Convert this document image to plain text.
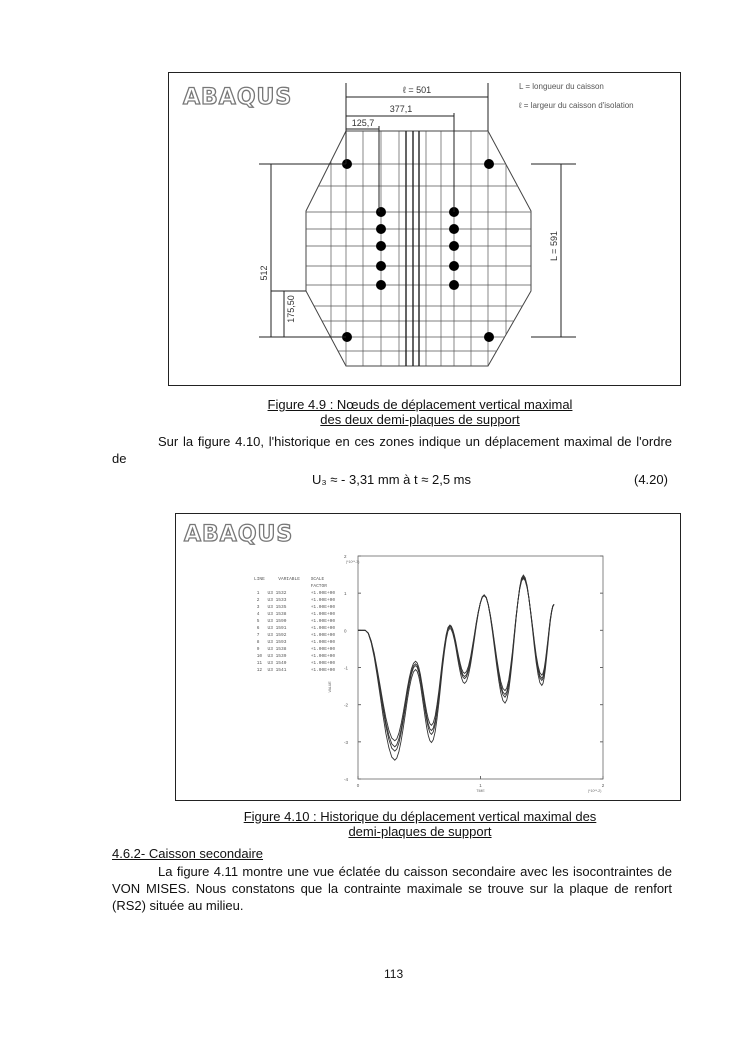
ABAQUS	ℓ = 501
377,1
125,7
512
175,50
L = 591
L = longueur du caisson
ℓ = largeur du caisson d'isolation
Figure 4.9 : Nœuds de déplacement vertical maximal
des deux demi-plaques de support
Sur la figure 4.10, l'historique en ces zones indique un déplacement maximal de l'ordre de
U₃ ≈ - 3,31 mm à t ≈ 2,5 ms	(4.20)
ABAQUS
LINE     VARIABLE    SCALE
FACTOR
1   U3 1532         +1.00E+00
2   U3 1533         +1.00E+00
3   U3 1535         +1.00E+00
4   U3 1538         +1.00E+00
5   U3 1590         +1.00E+00
6   U3 1591         +1.00E+00
7   U3 1592         +1.00E+00
8   U3 1593         +1.00E+00
9   U3 1538         +1.00E+00
10  U3 1539         +1.00E+00
11  U3 1540         +1.00E+00
12  U3 1541         +1.00E+00
-4
-3
-2
-1
0
1
2
0	1	2
(*10**-3)
(*10**-2)
TIME
VALUE
Figure 4.10 : Historique du déplacement vertical maximal des
demi-plaques de support
4.6.2- Caisson secondaire
La figure 4.11 montre une vue éclatée du caisson secondaire avec les isocontraintes de VON MISES. Nous constatons que la contrainte maximale se trouve sur la plaque de renfort (RS2) située au milieu.
113
